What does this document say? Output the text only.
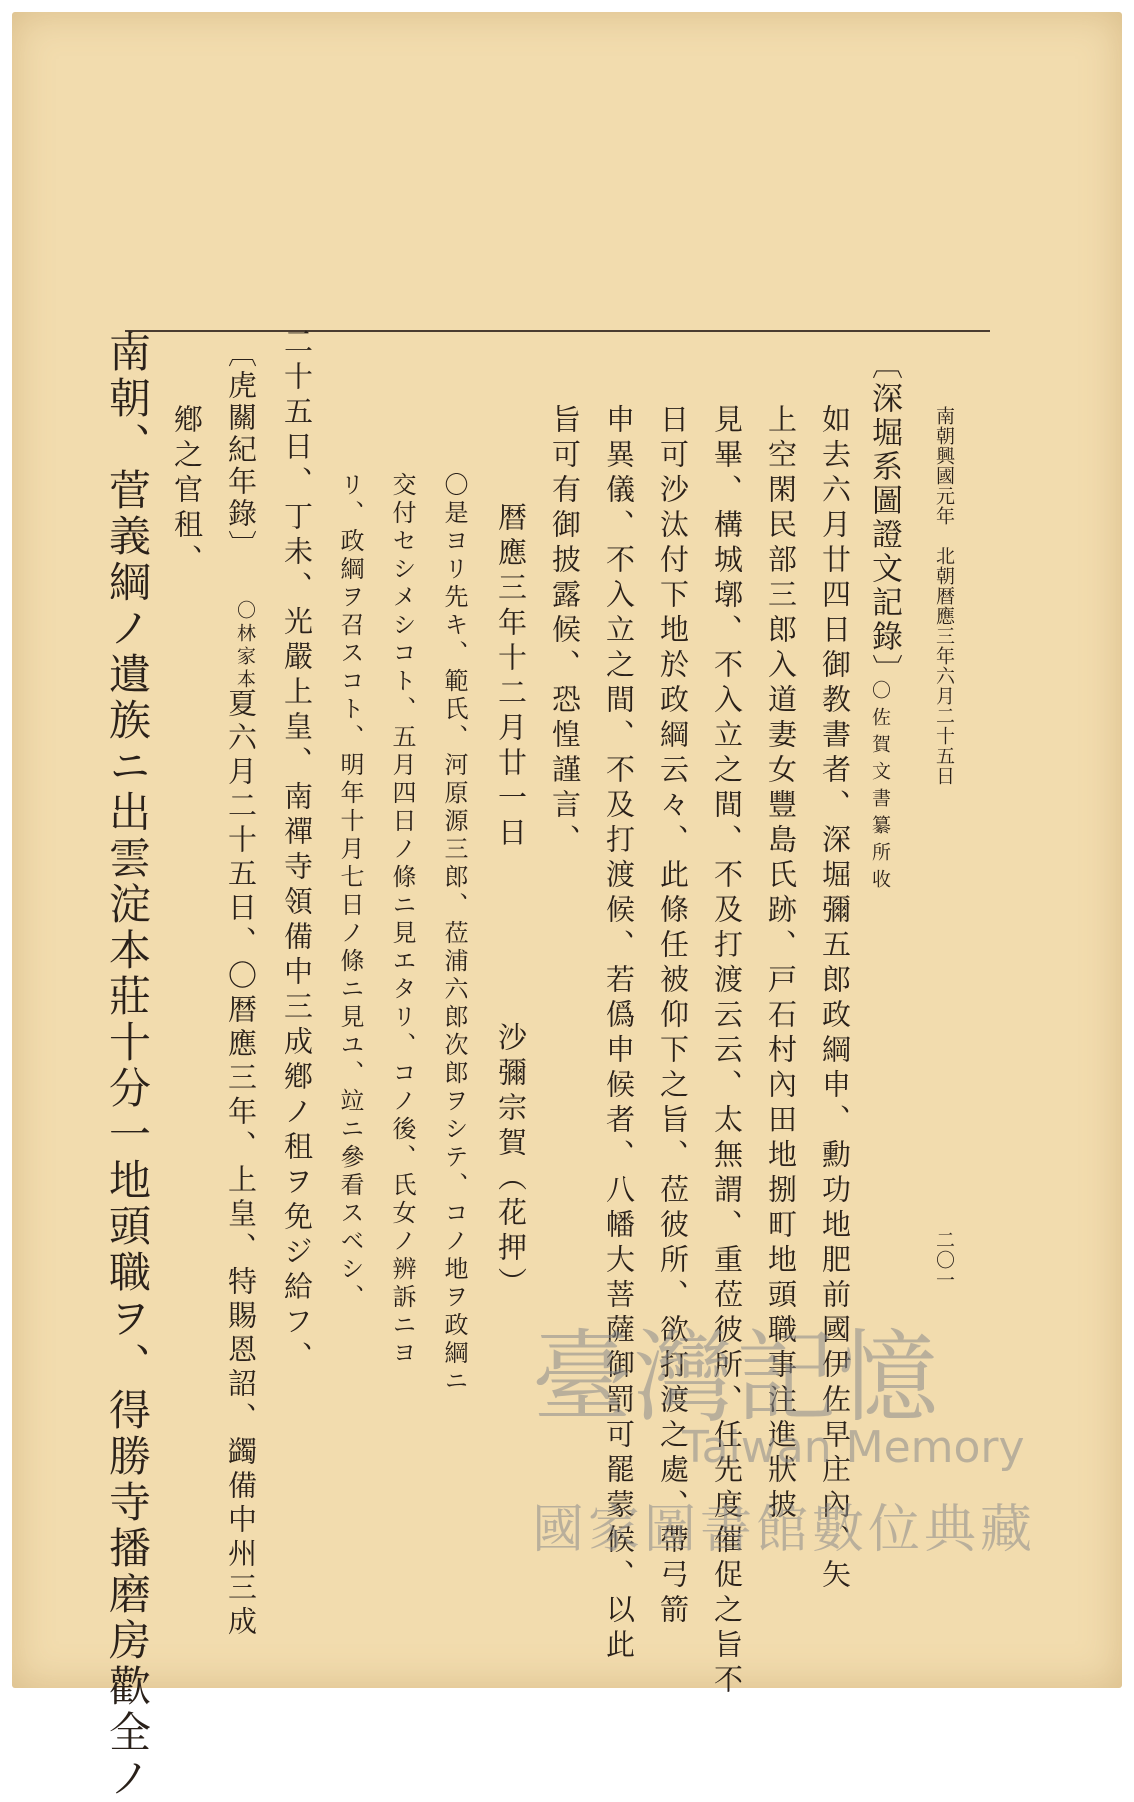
南朝興國元年　北朝暦應三年六月二十五日
二〇一
〔深堀系圖證文記錄〕
〇佐賀文書纂所收
如去六月廿四日御教書者、深堀彌五郎政綱申、勳功地肥前國伊佐早庄內、矢
上空閑民部三郎入道妻女豐島氏跡、戸石村內田地捌町地頭職事注進狀披
見畢、構城墎、不入立之間、不及打渡云云、太無謂、重莅彼所、任先度催促之旨不
日可沙汰付下地於政綱云々、此條任被仰下之旨、莅彼所、欲打渡之處、帶弓箭
申異儀、不入立之間、不及打渡候、若僞申候者、八幡大菩薩御罰可罷蒙候、以此
旨可有御披露候、恐惶謹言、
暦應三年十二月廿一日
沙彌宗賀（花押）
〇是ヨリ先キ、範氏、河原源三郎、莅浦六郎次郎ヲシテ、コノ地ヲ政綱ニ
交付セシメシコト、五月四日ノ條ニ見エタリ、コノ後、氏女ノ辨訴ニヨ
リ、政綱ヲ召スコト、明年十月七日ノ條ニ見ユ、竝ニ參看スベシ、
二十五日、丁未、光嚴上皇、南禪寺領備中三成鄕ノ租ヲ免ジ給フ、
〔虎關紀年錄〕
〇林家本
夏六月二十五日、〇暦應三年、上皇、特賜恩詔、蠲備中州三成
鄕之官租、
南朝、菅義綱ノ遺族ニ出雲淀本莊十分一地頭職ヲ、得勝寺播磨房歡全ノ	臺灣記憶
Taiwan Memory
國家圖書館數位典藏
